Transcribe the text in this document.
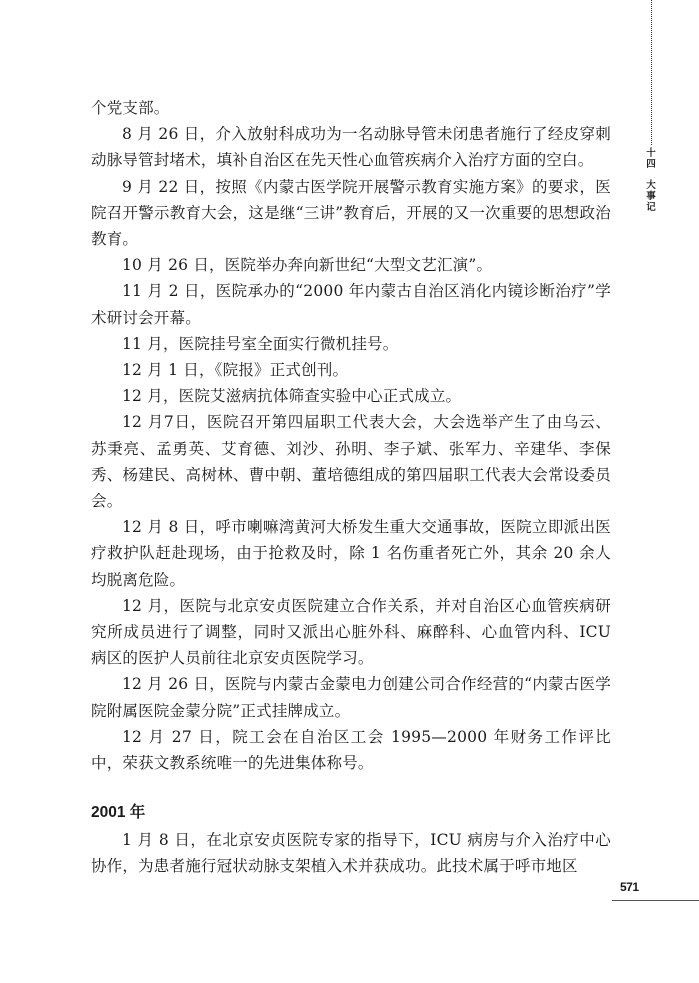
十
四
大
事
记

个党支部。

8 月 26 日，介入放射科成功为一名动脉导管未闭患者施行了经皮穿刺动脉导管封堵术，填补自治区在先天性心血管疾病介入治疗方面的空白。

9 月 22 日，按照《内蒙古医学院开展警示教育实施方案》的要求，医院召开警示教育大会，这是继“三讲”教育后，开展的又一次重要的思想政治教育。

10 月 26 日，医院举办奔向新世纪“大型文艺汇演”。

11 月 2 日，医院承办的“2000 年内蒙古自治区消化内镜诊断治疗”学术研讨会开幕。

11 月，医院挂号室全面实行微机挂号。

12 月 1 日，《院报》正式创刊。

12 月，医院艾滋病抗体筛查实验中心正式成立。

12 月7日，医院召开第四届职工代表大会，大会选举产生了由乌云、苏秉亮、孟勇英、艾育德、刘沙、孙明、李子斌、张军力、辛建华、李保秀、杨建民、高树林、曹中朝、董培德组成的第四届职工代表大会常设委员会。

12 月 8 日，呼市喇嘛湾黄河大桥发生重大交通事故，医院立即派出医疗救护队赶赴现场，由于抢救及时，除 1 名伤重者死亡外，其余 20 余人均脱离危险。

12 月，医院与北京安贞医院建立合作关系，并对自治区心血管疾病研究所成员进行了调整，同时又派出心脏外科、麻醉科、心血管内科、ICU 病区的医护人员前往北京安贞医院学习。

12 月 26 日，医院与内蒙古金蒙电力创建公司合作经营的“内蒙古医学院附属医院金蒙分院”正式挂牌成立。

12 月 27 日，院工会在自治区工会 1995—2000 年财务工作评比中，荣获文教系统唯一的先进集体称号。

2001 年

1 月 8 日，在北京安贞医院专家的指导下，ICU 病房与介入治疗中心协作，为患者施行冠状动脉支架植入术并获成功。此技术属于呼市地区

571
